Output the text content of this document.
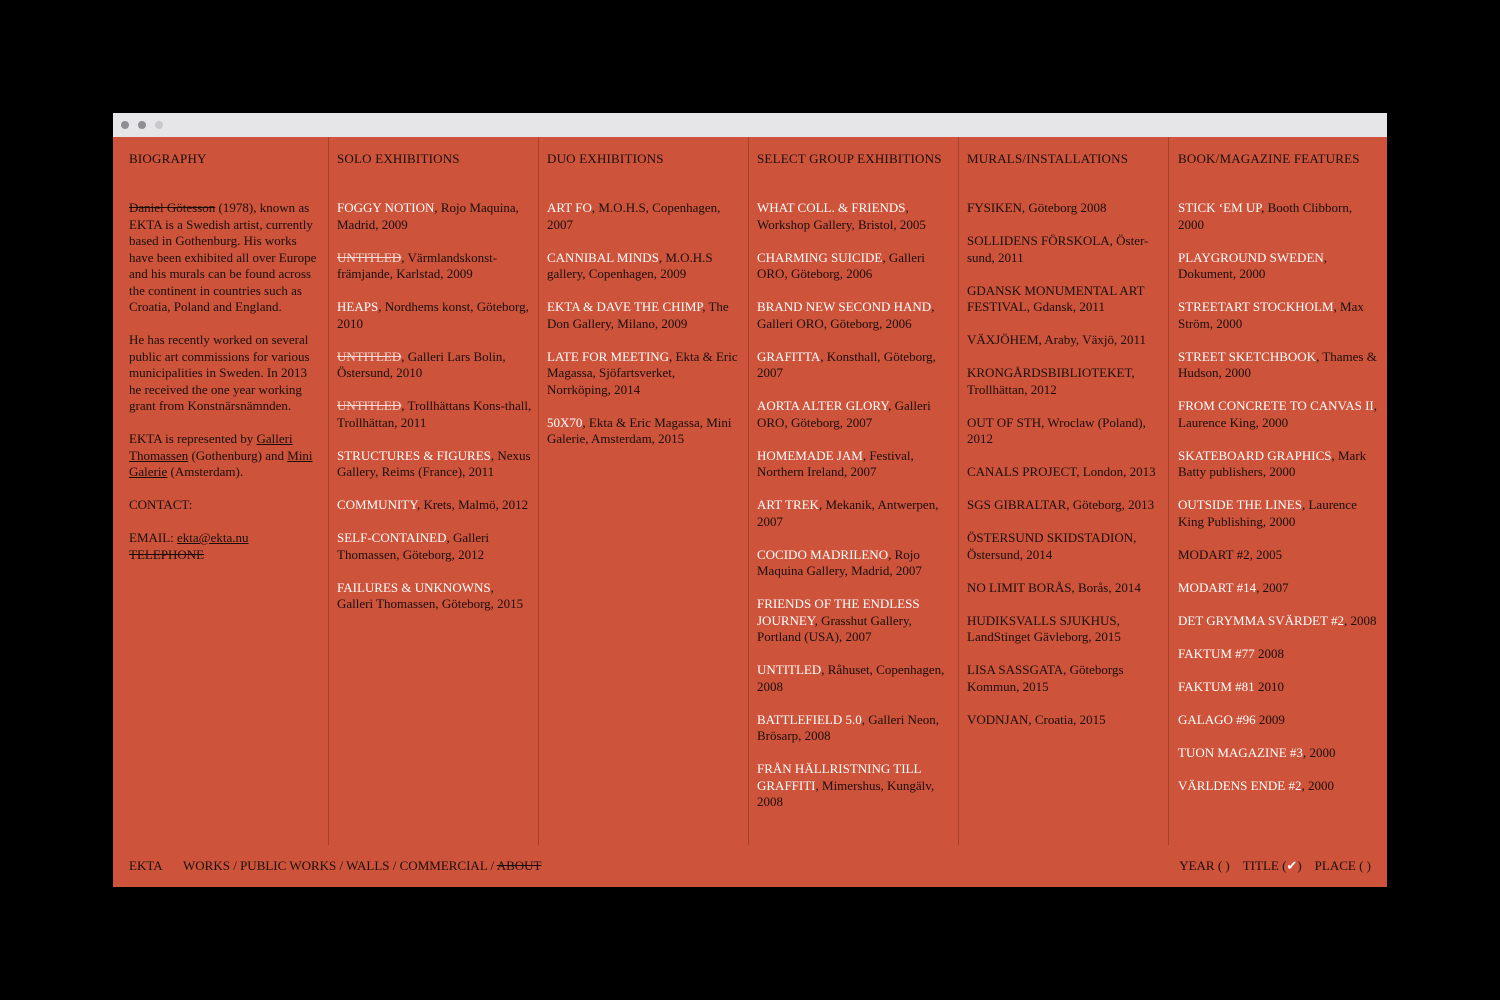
BIOGRAPHY
Daniel Götesson (1978), known as EKTA is a Swedish artist, currently based in Gothenburg. His works have been exhibited all over Europe and his murals can be found across the continent in countries such as Croatia, Poland and England.
He has recently worked on several public art commissions for various municipalities in Sweden. In 2013 he received the one year working grant from Konstnärsnämnden.
EKTA is represented by Galleri Thomassen (Gothenburg) and Mini Galerie (Amsterdam).
CONTACT:
EMAIL: ekta@ekta.nu
TELEPHONE
SOLO EXHIBITIONS
FOGGY NOTION, Rojo Maquina, Madrid, 2009
UNTITLED, Värmlandskonst-främjande, Karlstad, 2009
HEAPS, Nordhems konst, Göteborg, 2010
UNTITLED, Galleri Lars Bolin, Östersund, 2010
UNTITLED, Trollhättans Kons-thall, Trollhättan, 2011
STRUCTURES & FIGURES, Nexus Gallery, Reims (France), 2011
COMMUNITY, Krets, Malmö, 2012
SELF-CONTAINED, Galleri Thomassen, Göteborg, 2012
FAILURES & UNKNOWNS, Galleri Thomassen, Göteborg, 2015
DUO EXHIBITIONS
ART FO, M.O.H.S, Copenhagen, 2007
CANNIBAL MINDS, M.O.H.S gallery, Copenhagen, 2009
EKTA & DAVE THE CHIMP, The Don Gallery, Milano, 2009
LATE FOR MEETING, Ekta & Eric Magassa, Sjöfartsverket, Norrköping, 2014
50X70, Ekta & Eric Magassa, Mini Galerie, Amsterdam, 2015
SELECT GROUP EXHIBITIONS
WHAT COLL. & FRIENDS, Workshop Gallery, Bristol, 2005
CHARMING SUICIDE, Galleri ORO, Göteborg, 2006
BRAND NEW SECOND HAND, Galleri ORO, Göteborg, 2006
GRAFITTA, Konsthall, Göteborg, 2007
AORTA ALTER GLORY, Galleri ORO, Göteborg, 2007
HOMEMADE JAM, Festival, Northern Ireland, 2007
ART TREK, Mekanik, Antwerpen, 2007
COCIDO MADRILENO, Rojo Maquina Gallery, Madrid, 2007
FRIENDS OF THE ENDLESS JOURNEY, Grasshut Gallery, Portland (USA), 2007
UNTITLED, Råhuset, Copenhagen, 2008
BATTLEFIELD 5.0, Galleri Neon, Brösarp, 2008
FRÅN HÄLLRISTNING TILL GRAFFITI, Mimershus, Kungälv, 2008
MURALS/INSTALLATIONS
FYSIKEN, Göteborg 2008
SOLLIDENS FÖRSKOLA, Öster-sund, 2011
GDANSK MONUMENTAL ART FESTIVAL, Gdansk, 2011
VÄXJÖHEM, Araby, Växjö, 2011
KRONGÅRDSBIBLIOTEKET, Trollhättan, 2012
OUT OF STH, Wroclaw (Poland), 2012
CANALS PROJECT, London, 2013
SGS GIBRALTAR, Göteborg, 2013
ÖSTERSUND SKIDSTADION, Östersund, 2014
NO LIMIT BORÅS, Borås, 2014
HUDIKSVALLS SJUKHUS, LandStinget Gävleborg, 2015
LISA SASSGATA, Göteborgs Kommun, 2015
VODNJAN, Croatia, 2015
BOOK/MAGAZINE FEATURES
STICK ‘EM UP, Booth Clibborn, 2000
PLAYGROUND SWEDEN, Dokument, 2000
STREETART STOCKHOLM, Max Ström, 2000
STREET SKETCHBOOK, Thames & Hudson, 2000
FROM CONCRETE TO CANVAS II, Laurence King, 2000
SKATEBOARD GRAPHICS, Mark Batty publishers, 2000
OUTSIDE THE LINES, Laurence King Publishing, 2000
MODART #2, 2005
MODART #14, 2007
DET GRYMMA SVÄRDET #2, 2008
FAKTUM #77 2008
FAKTUM #81 2010
GALAGO #96 2009
TUON MAGAZINE #3, 2000
VÄRLDENS ENDE #2, 2000
EKTA WORKS / PUBLIC WORKS / WALLS / COMMERCIAL / ABOUT	YEAR ( ) TITLE (✔) PLACE ( )
